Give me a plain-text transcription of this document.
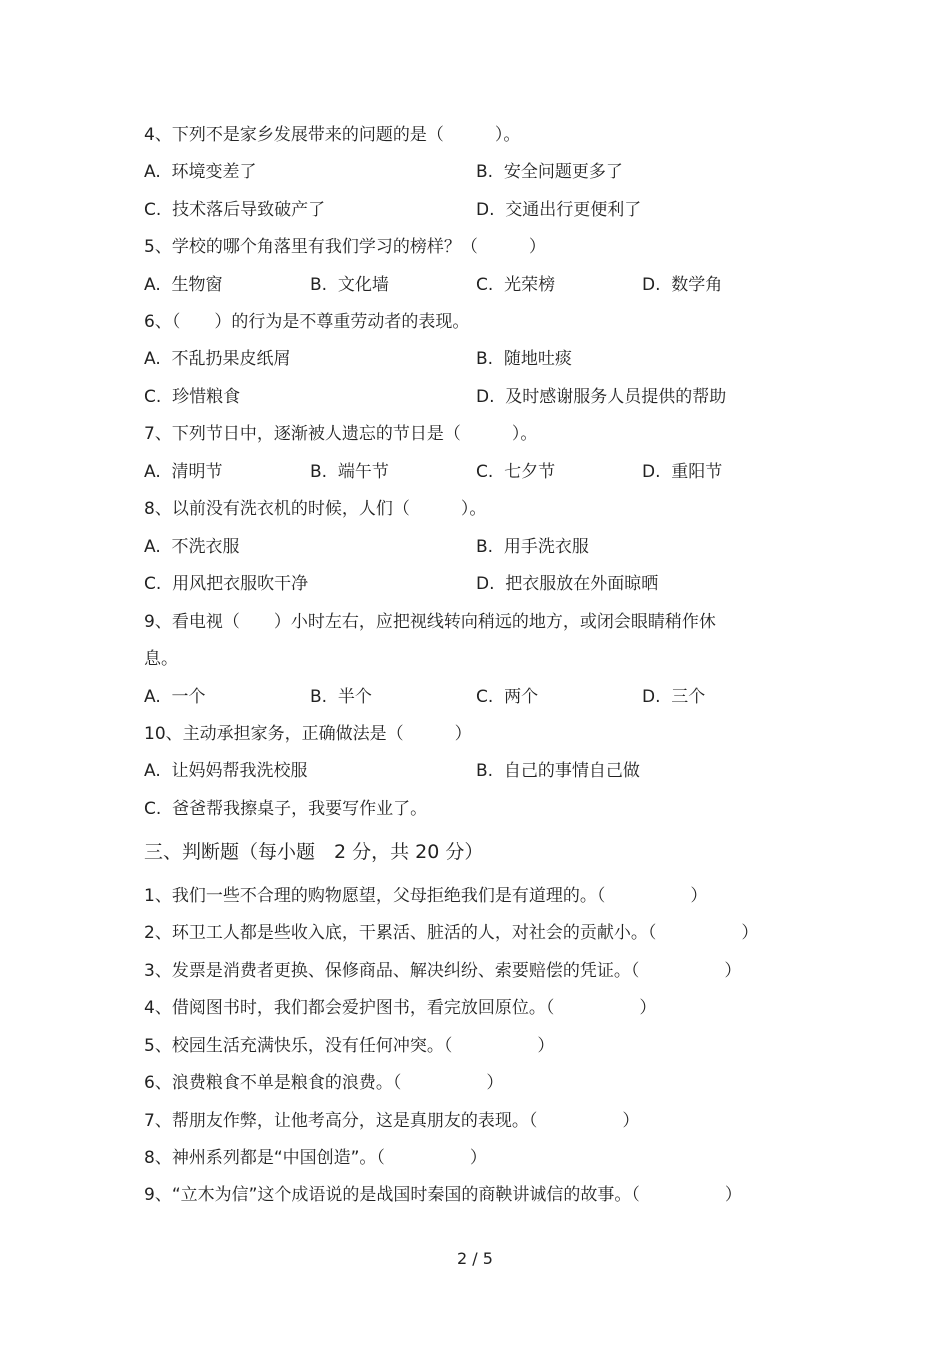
4、下列不是家乡发展带来的问题的是（　　　）。
A.  环境变差了	B.  安全问题更多了
C.  技术落后导致破产了	D.  交通出行更便利了
5、学校的哪个角落里有我们学习的榜样？（　　　）
A.  生物窗	B.  文化墙	C.  光荣榜	D.  数学角
6、（　　）的行为是不尊重劳动者的表现。
A.  不乱扔果皮纸屑	B.  随地吐痰
C.  珍惜粮食	D.  及时感谢服务人员提供的帮助
7、下列节日中，逐渐被人遗忘的节日是（　　　）。
A.  清明节	B.  端午节	C.  七夕节	D.  重阳节
8、以前没有洗衣机的时候，人们（　　　）。
A.  不洗衣服	B.  用手洗衣服
C.  用风把衣服吹干净	D.  把衣服放在外面晾晒
9、看电视（　　）小时左右，应把视线转向稍远的地方，或闭会眼睛稍作休
息。
A.  一个	B.  半个	C.  两个	D.  三个
10、主动承担家务，正确做法是（　　　）
A.  让妈妈帮我洗校服	B.  自己的事情自己做
C.  爸爸帮我擦桌子，我要写作业了。
三、判断题（每小题　2 分，共 20 分）
1、我们一些不合理的购物愿望，父母拒绝我们是有道理的。（　　　　　）
2、环卫工人都是些收入底，干累活、脏活的人，对社会的贡献小。（　　　　　）
3、发票是消费者更换、保修商品、解决纠纷、索要赔偿的凭证。（　　　　　）
4、借阅图书时，我们都会爱护图书，看完放回原位。（　　　　　）
5、校园生活充满快乐，没有任何冲突。（　　　　　）
6、浪费粮食不单是粮食的浪费。（　　　　　）
7、帮朋友作弊，让他考高分，这是真朋友的表现。（　　　　　）
8、神州系列都是“中国创造”。（　　　　　）
9、“立木为信”这个成语说的是战国时秦国的商鞅讲诚信的故事。（　　　　　）
2 / 5
